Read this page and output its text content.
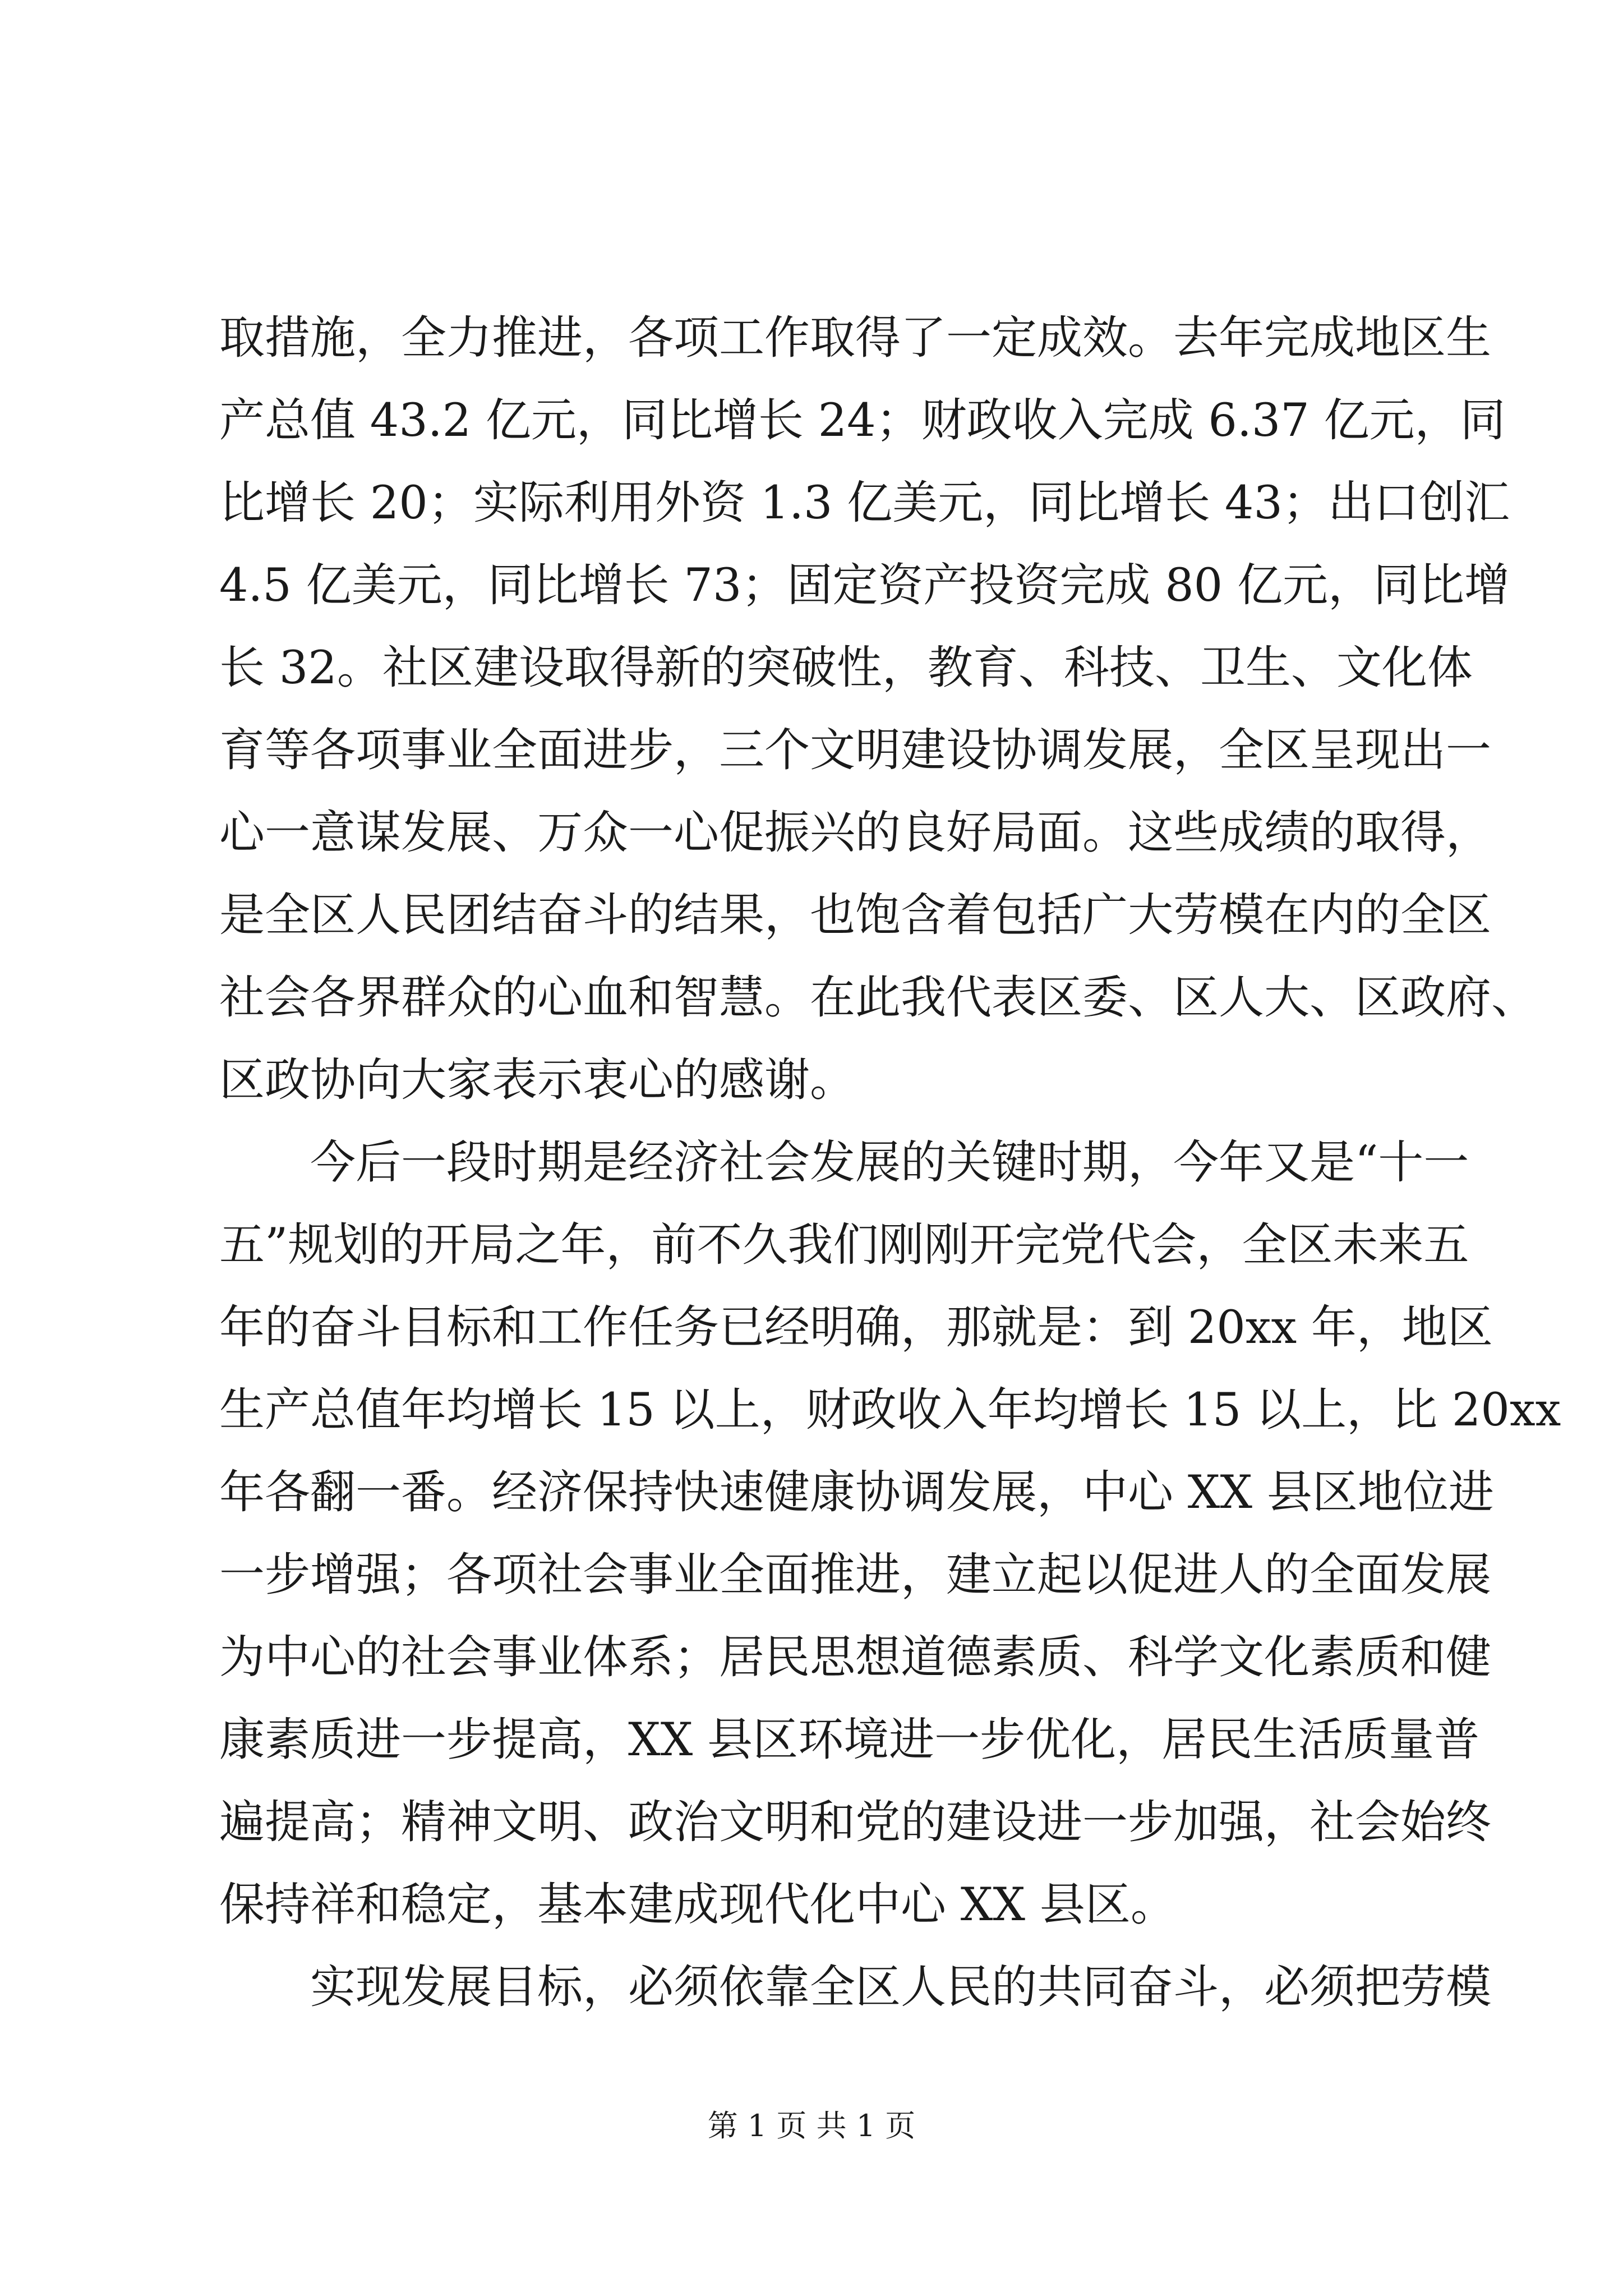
取措施，全力推进，各项工作取得了一定成效。去年完成地区生
产总值 43.2 亿元，同比增长 24；财政收入完成 6.37 亿元，同
比增长 20；实际利用外资 1.3 亿美元，同比增长 43；出口创汇
4.5 亿美元，同比增长 73；固定资产投资完成 80 亿元，同比增
长 32。社区建设取得新的突破性，教育、科技、卫生、文化体
育等各项事业全面进步，三个文明建设协调发展，全区呈现出一
心一意谋发展、万众一心促振兴的良好局面。这些成绩的取得，
是全区人民团结奋斗的结果，也饱含着包括广大劳模在内的全区
社会各界群众的心血和智慧。在此我代表区委、区人大、区政府、
区政协向大家表示衷心的感谢。
今后一段时期是经济社会发展的关键时期，今年又是“十一
五”规划的开局之年，前不久我们刚刚开完党代会，全区未来五
年的奋斗目标和工作任务已经明确，那就是：到 20xx 年，地区
生产总值年均增长 15 以上，财政收入年均增长 15 以上，比 20xx
年各翻一番。经济保持快速健康协调发展，中心 XX 县区地位进
一步增强；各项社会事业全面推进，建立起以促进人的全面发展
为中心的社会事业体系；居民思想道德素质、科学文化素质和健
康素质进一步提高，XX 县区环境进一步优化，居民生活质量普
遍提高；精神文明、政治文明和党的建设进一步加强，社会始终
保持祥和稳定，基本建成现代化中心 XX 县区。
实现发展目标，必须依靠全区人民的共同奋斗，必须把劳模
第 1 页 共 1 页
